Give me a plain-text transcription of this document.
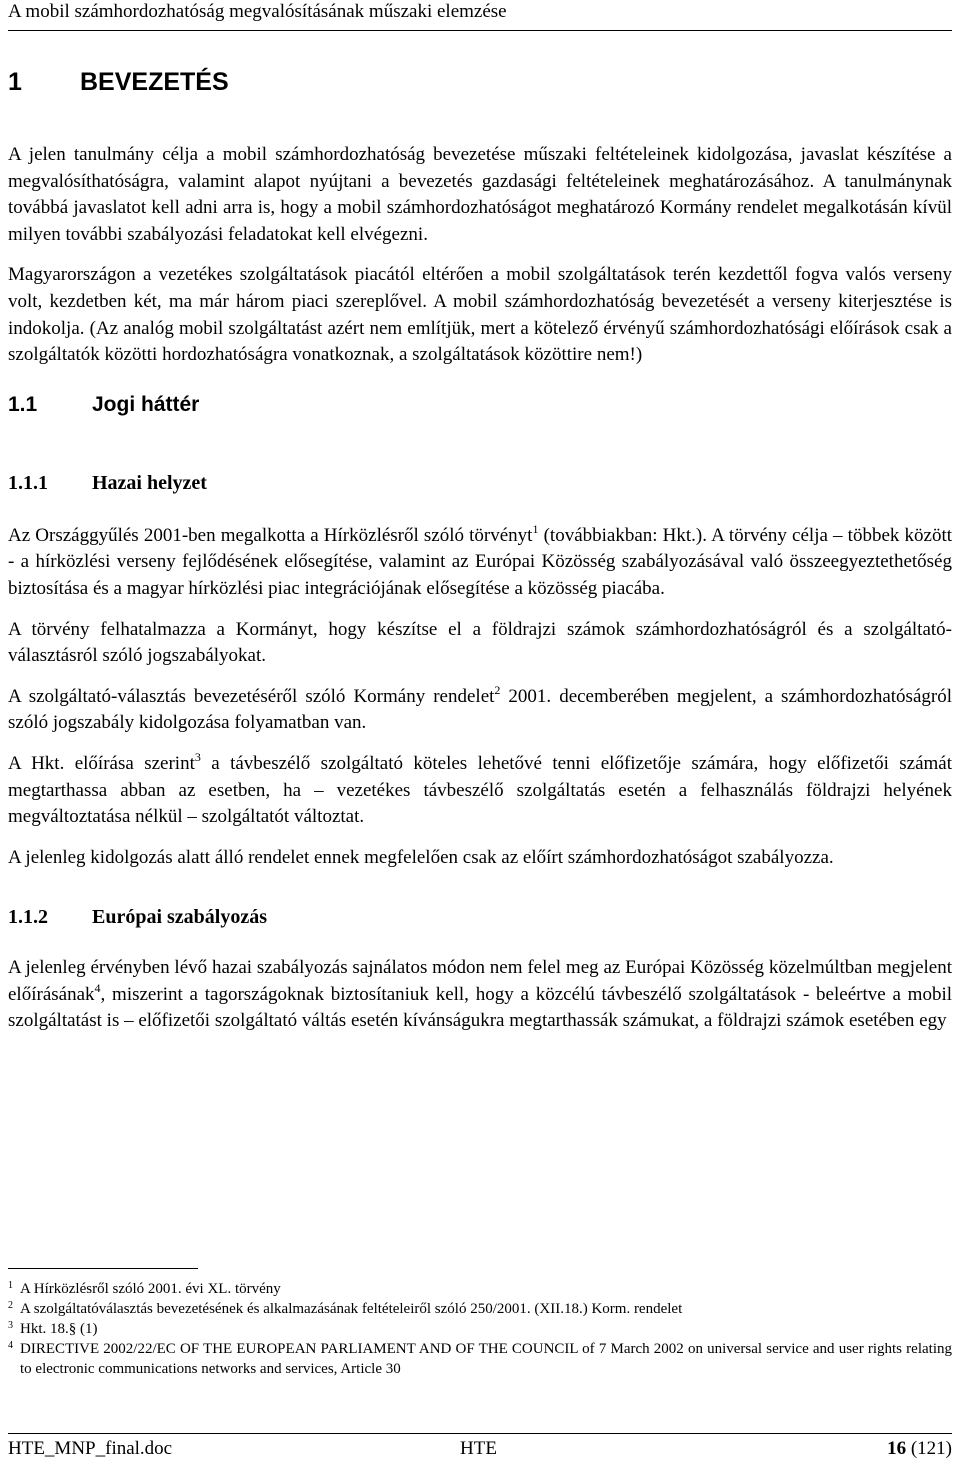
A mobil számhordozhatóság megvalósításának műszaki elemzése
1 BEVEZETÉS

A jelen tanulmány célja a mobil számhordozhatóság bevezetése műszaki feltételeinek kidolgozása, javaslat készítése a megvalósíthatóságra, valamint alapot nyújtani a bevezetés gazdasági feltételeinek meghatározásához. A tanulmánynak továbbá javaslatot kell adni arra is, hogy a mobil számhordozhatóságot meghatározó Kormány rendelet megalkotásán kívül milyen további szabályozási feladatokat kell elvégezni.

Magyarországon a vezetékes szolgáltatások piacától eltérően a mobil szolgáltatások terén kezdettől fogva valós verseny volt, kezdetben két, ma már három piaci szereplővel. A mobil számhordozhatóság bevezetését a verseny kiterjesztése is indokolja. (Az analóg mobil szolgáltatást azért nem említjük, mert a kötelező érvényű számhordozhatósági előírások csak a szolgáltatók közötti hordozhatóságra vonatkoznak, a szolgáltatások közöttire nem!)

1.1	Jogi háttér
1.1.1 Hazai helyzet

Az Országgyűlés 2001-ben megalkotta a Hírközlésről szóló törvényt$^1$ (továbbiakban: Hkt.). A törvény célja – többek között - a hírközlési verseny fejlődésének elősegítése, valamint az Európai Közösség szabályozásával való összeegyeztethetőség biztosítása és a magyar hírközlési piac integrációjának elősegítése a közösség piacába.

A törvény felhatalmazza a Kormányt, hogy készítse el a földrajzi számok számhordozhatóságról és a szolgáltató-választásról szóló jogszabályokat.

A szolgáltató-választás bevezetéséről szóló Kormány rendelet$^2$ 2001. decemberében megjelent, a számhordozhatóságról szóló jogszabály kidolgozása folyamatban van.

A Hkt. előírása szerint$^3$ a távbeszélő szolgáltató köteles lehetővé tenni előfizetője számára, hogy előfizetői számát megtarthassa abban az esetben, ha – vezetékes távbeszélő szolgáltatás esetén a felhasználás földrajzi helyének megváltoztatása nélkül – szolgáltatót változtat.

A jelenleg kidolgozás alatt álló rendelet ennek megfelelően csak az előírt számhordozhatóságot szabályozza.

1.1.2 Európai szabályozás

A jelenleg érvényben lévő hazai szabályozás sajnálatos módon nem felel meg az Európai Közösség közelmúltban megjelent előírásának$^4$, miszerint a tagországoknak biztosítaniuk kell, hogy a közcélú távbeszélő szolgáltatások - beleértve a mobil szolgáltatást is – előfizetői szolgáltató váltás esetén kívánságukra megtarthassák számukat, a földrajzi számok esetében egy

1 A Hírközlésről szóló 2001. évi XL. törvény
2 A szolgáltatóválasztás bevezetésének és alkalmazásának feltételeiről szóló 250/2001. (XII.18.) Korm. rendelet
3 Hkt. 18.§ (1)
4 DIRECTIVE 2002/22/EC OF THE EUROPEAN PARLIAMENT AND OF THE COUNCIL of 7 March 2002 on universal service and user rights relating to electronic communications networks and services, Article 30
HTE_MNP_final.doc	HTE	16 (121)
